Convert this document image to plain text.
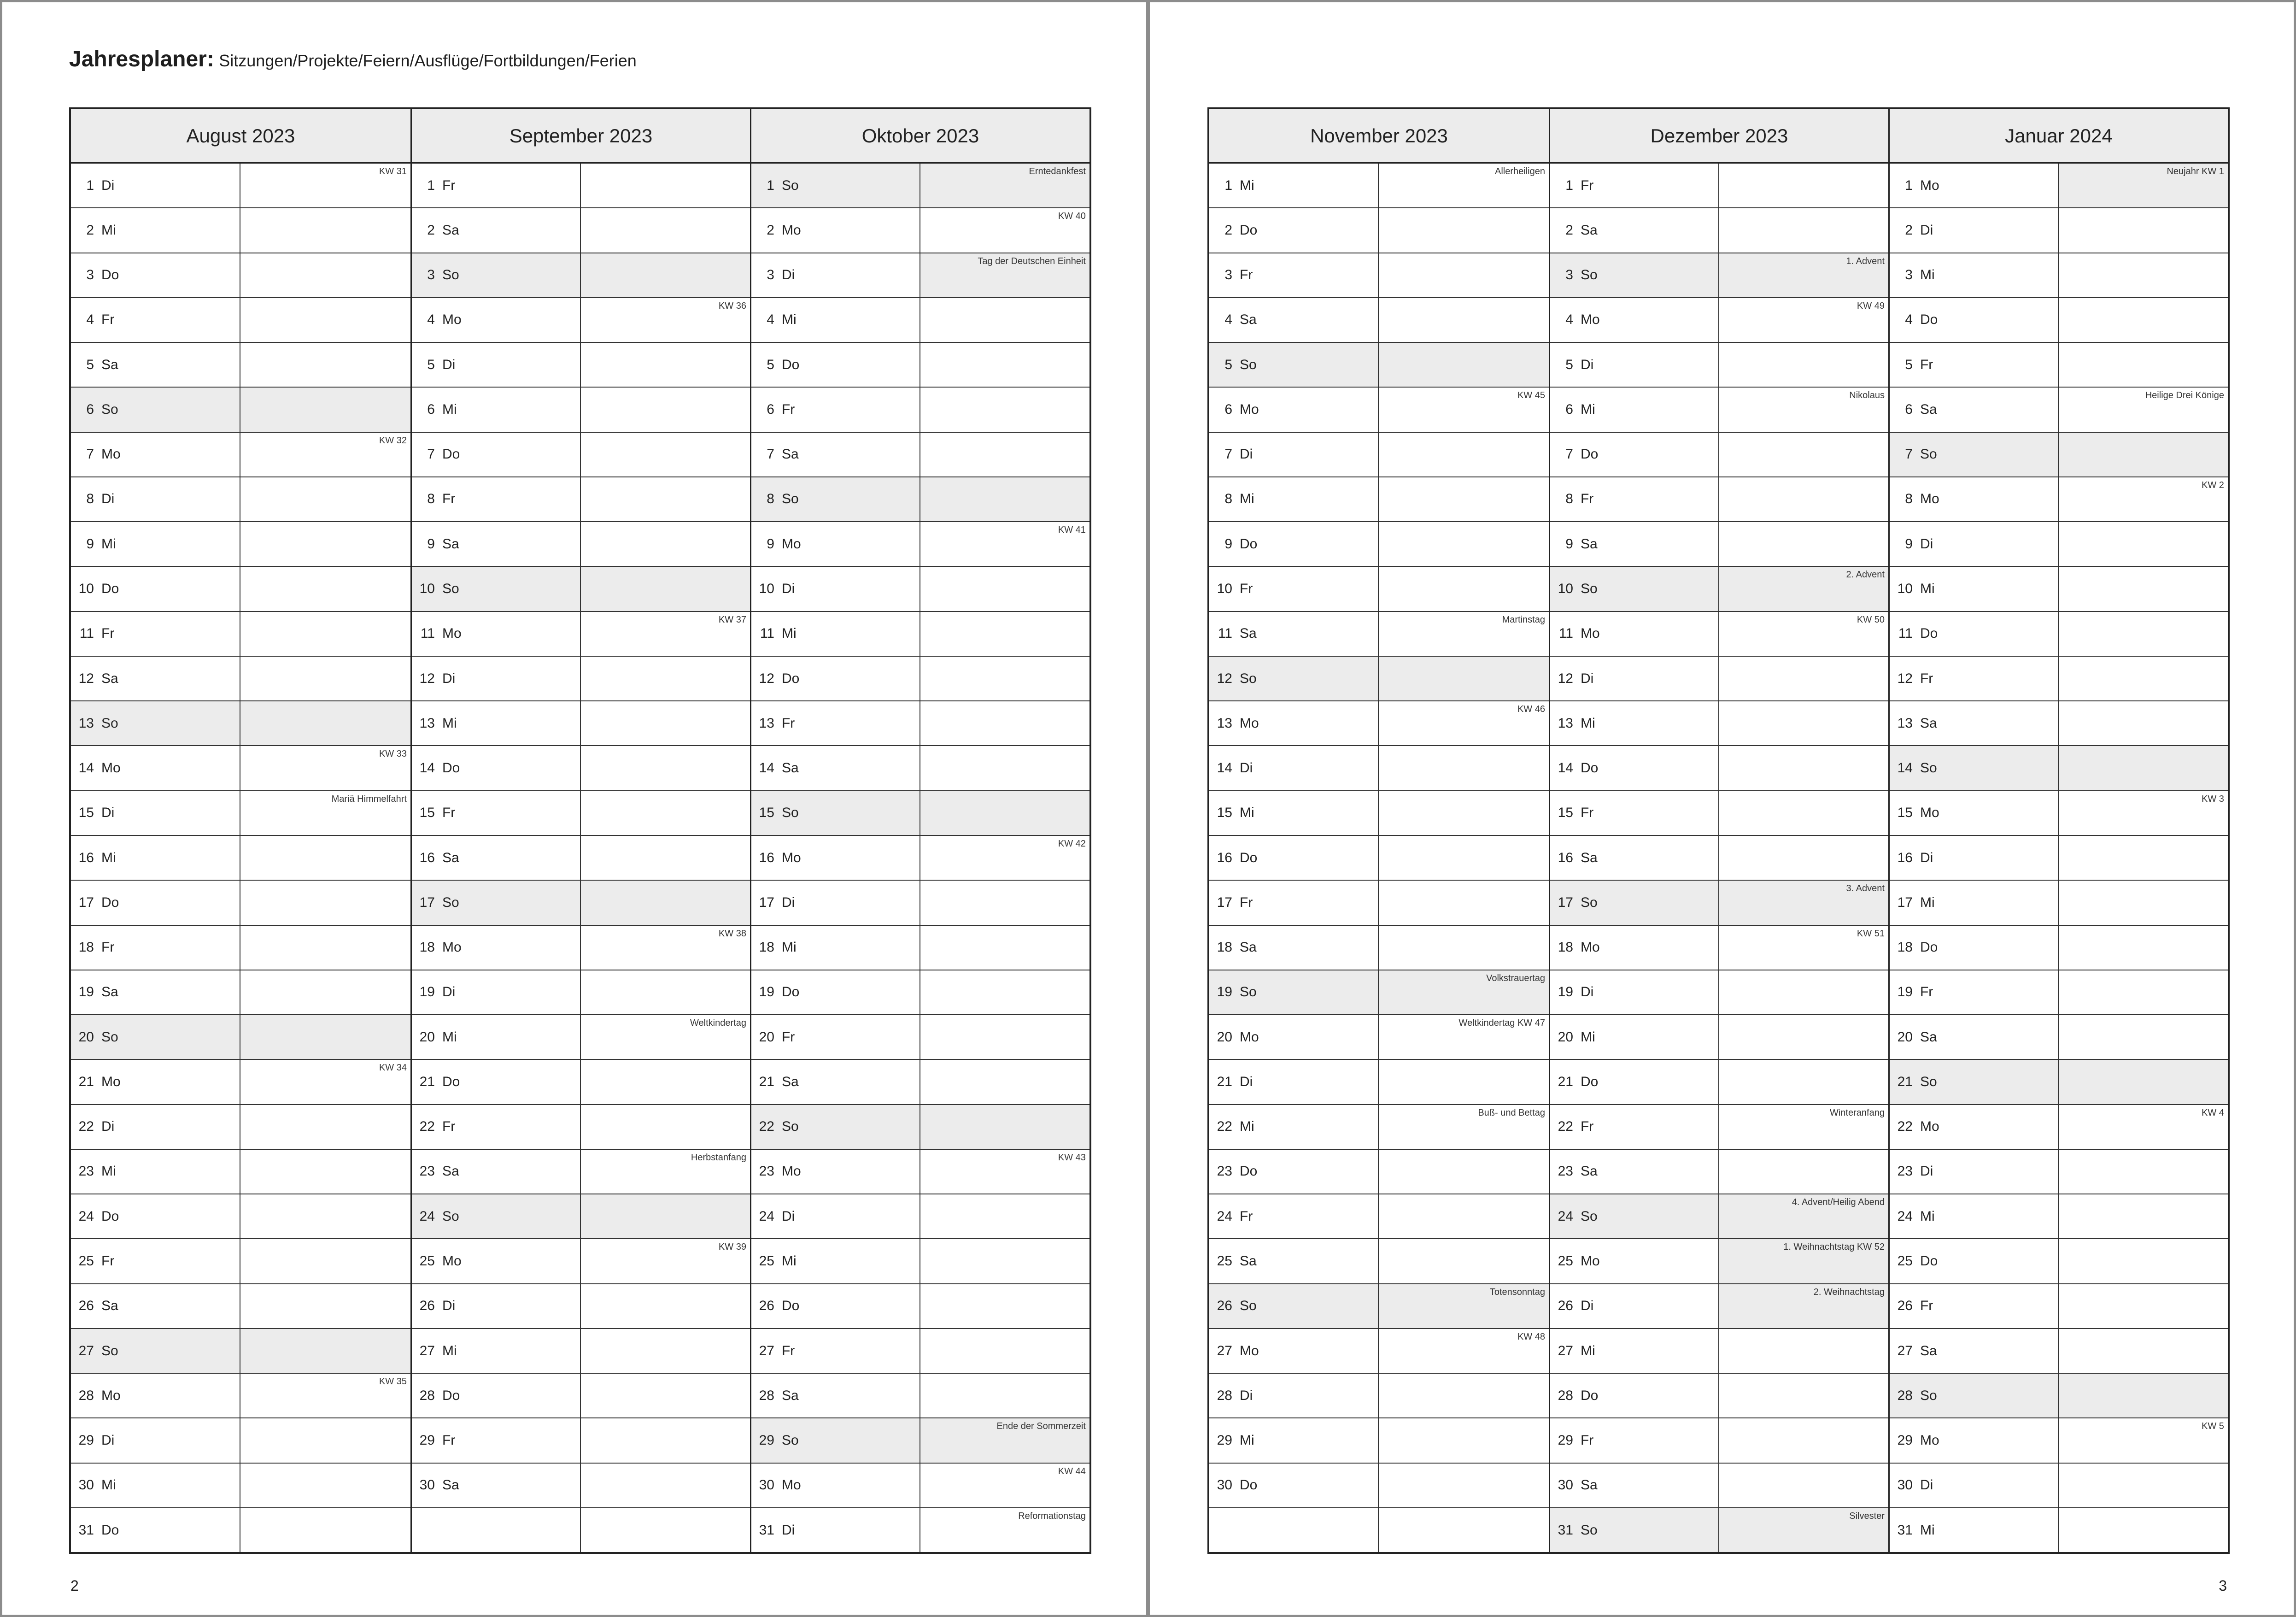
Jahresplaner: Sitzungen/Projekte/Feiern/Ausflüge/Fortbildungen/Ferien
August 2023
1 Di
KW 31
2 Mi
3 Do
4 Fr
5 Sa
6 So
7 Mo
KW 32
8 Di
9 Mi
10 Do
11 Fr
12 Sa
13 So
14 Mo
KW 33
15 Di
Mariä Himmelfahrt
16 Mi
17 Do
18 Fr
19 Sa
20 So
21 Mo
KW 34
22 Di
23 Mi
24 Do
25 Fr
26 Sa
27 So
28 Mo
KW 35
29 Di
30 Mi
31 Do
September 2023
1 Fr
2 Sa
3 So
4 Mo
KW 36
5 Di
6 Mi
7 Do
8 Fr
9 Sa
10 So
11 Mo
KW 37
12 Di
13 Mi
14 Do
15 Fr
16 Sa
17 So
18 Mo
KW 38
19 Di
20 Mi
Weltkindertag
21 Do
22 Fr
23 Sa
Herbstanfang
24 So
25 Mo
KW 39
26 Di
27 Mi
28 Do
29 Fr
30 Sa
Oktober 2023
1 So
Erntedankfest
2 Mo
KW 40
3 Di
Tag der Deutschen Einheit
4 Mi
5 Do
6 Fr
7 Sa
8 So
9 Mo
KW 41
10 Di
11 Mi
12 Do
13 Fr
14 Sa
15 So
16 Mo
KW 42
17 Di
18 Mi
19 Do
20 Fr
21 Sa
22 So
23 Mo
KW 43
24 Di
25 Mi
26 Do
27 Fr
28 Sa
29 So
Ende der Sommerzeit
30 Mo
KW 44
31 Di
Reformationstag
2
November 2023
1 Mi
Allerheiligen
2 Do
3 Fr
4 Sa
5 So
6 Mo
KW 45
7 Di
8 Mi
9 Do
10 Fr
11 Sa
Martinstag
12 So
13 Mo
KW 46
14 Di
15 Mi
16 Do
17 Fr
18 Sa
19 So
Volkstrauertag
20 Mo
Weltkindertag KW 47
21 Di
22 Mi
Buß- und Bettag
23 Do
24 Fr
25 Sa
26 So
Totensonntag
27 Mo
KW 48
28 Di
29 Mi
30 Do
Dezember 2023
1 Fr
2 Sa
3 So
1. Advent
4 Mo
KW 49
5 Di
6 Mi
Nikolaus
7 Do
8 Fr
9 Sa
10 So
2. Advent
11 Mo
KW 50
12 Di
13 Mi
14 Do
15 Fr
16 Sa
17 So
3. Advent
18 Mo
KW 51
19 Di
20 Mi
21 Do
22 Fr
Winteranfang
23 Sa
24 So
4. Advent/Heilig Abend
25 Mo
1. Weihnachtstag KW 52
26 Di
2. Weihnachtstag
27 Mi
28 Do
29 Fr
30 Sa
31 So
Silvester
Januar 2024
1 Mo
Neujahr KW 1
2 Di
3 Mi
4 Do
5 Fr
6 Sa
Heilige Drei Könige
7 So
8 Mo
KW 2
9 Di
10 Mi
11 Do
12 Fr
13 Sa
14 So
15 Mo
KW 3
16 Di
17 Mi
18 Do
19 Fr
20 Sa
21 So
22 Mo
KW 4
23 Di
24 Mi
25 Do
26 Fr
27 Sa
28 So
29 Mo
KW 5
30 Di
31 Mi
3
